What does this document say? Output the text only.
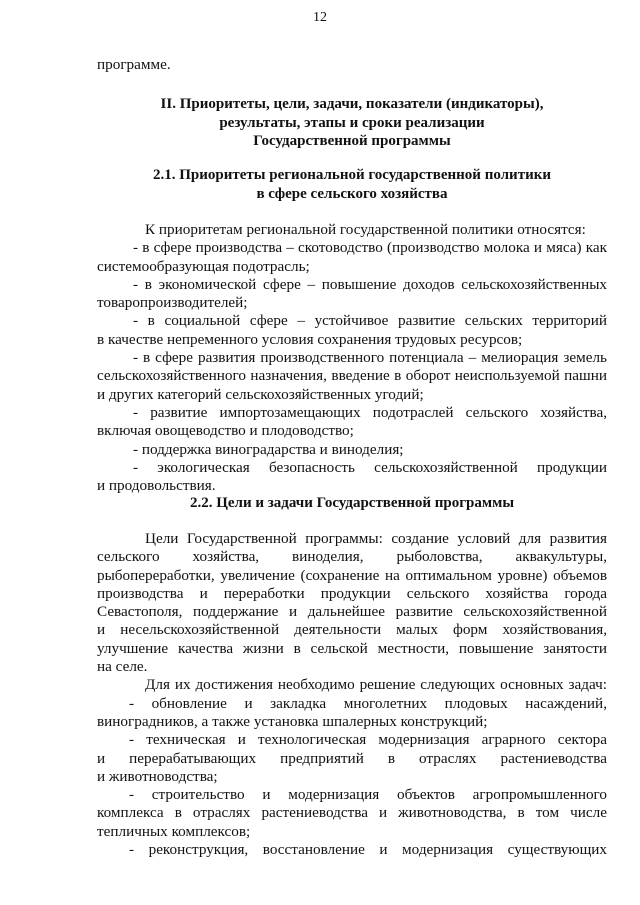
12
программе.
II. Приоритеты, цели, задачи, показатели (индикаторы),
результаты, этапы и сроки реализации
Государственной программы
2.1. Приоритеты региональной государственной политики
в сфере сельского хозяйства
К приоритетам региональной государственной политики относятся:
- в сфере производства – скотоводство (производство молока и мяса) как
системообразующая подотрасль;
- в экономической сфере – повышение доходов сельскохозяйственных
товаропроизводителей;
- в социальной сфере – устойчивое развитие сельских территорий
в качестве непременного условия сохранения трудовых ресурсов;
- в сфере развития производственного потенциала – мелиорация земель
сельскохозяйственного назначения, введение в оборот неиспользуемой пашни
и других категорий сельскохозяйственных угодий;
- развитие импортозамещающих подотраслей сельского хозяйства,
включая овощеводство и плодоводство;
- поддержка виноградарства и виноделия;
- экологическая безопасность сельскохозяйственной продукции
и продовольствия.
2.2. Цели и задачи Государственной программы
Цели Государственной программы: создание условий для развития
сельского хозяйства, виноделия, рыболовства, аквакультуры,
рыбопереработки, увеличение (сохранение на оптимальном уровне) объемов
производства и переработки продукции сельского хозяйства города
Севастополя, поддержание и дальнейшее развитие сельскохозяйственной
и несельскохозяйственной деятельности малых форм хозяйствования,
улучшение качества жизни в сельской местности, повышение занятости
на селе.
Для их достижения необходимо решение следующих основных задач:
- обновление и закладка многолетних плодовых насаждений,
виноградников, а также установка шпалерных конструкций;
- техническая и технологическая модернизация аграрного сектора
и перерабатывающих предприятий в отраслях растениеводства
и животноводства;
- строительство и модернизация объектов агропромышленного
комплекса в отраслях растениеводства и животноводства, в том числе
тепличных комплексов;
- реконструкция, восстановление и модернизация существующих
